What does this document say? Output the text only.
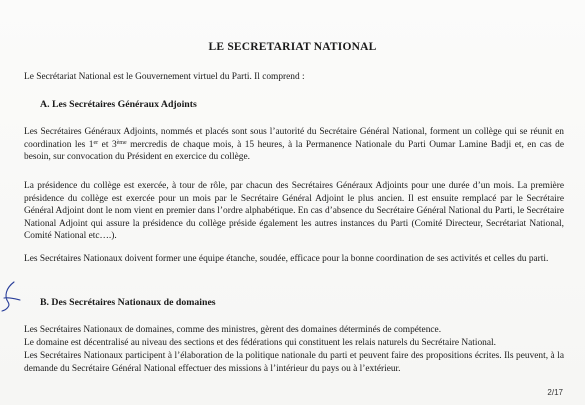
LE SECRETARIAT NATIONAL

Le Secrétariat National est le Gouvernement virtuel du Parti. Il comprend :

A. Les Secrétaires Généraux Adjoints

Les Secrétaires Généraux Adjoints, nommés et placés sont sous l’autorité du Secrétaire Général National, forment un collège qui se réunit en coordination les 1er et 3ème mercredis de chaque mois, à 15 heures, à la Permanence Nationale du Parti Oumar Lamine Badji et, en cas de besoin, sur convocation du Président en exercice du collège.

La présidence du collège est exercée, à tour de rôle, par chacun des Secrétaires Généraux Adjoints pour une durée d’un mois. La première présidence du collège est exercée pour un mois par le Secrétaire Général Adjoint le plus ancien. Il est ensuite remplacé par le Secrétaire Général Adjoint dont le nom vient en premier dans l’ordre alphabétique. En cas d’absence du Secrétaire Général National du Parti, le Secrétaire National Adjoint qui assure la présidence du collège préside également les autres instances du Parti (Comité Directeur, Secrétariat National, Comité National etc….).

Les Secrétaires Nationaux doivent former une équipe étanche, soudée, efficace pour la bonne coordination de ses activités et celles du parti.

B. Des Secrétaires Nationaux de domaines

Les Secrétaires Nationaux de domaines, comme des ministres, gèrent des domaines déterminés de compétence.

Le domaine est décentralisé au niveau des sections et des fédérations qui constituent les relais naturels du Secrétaire National.

Les Secrétaires Nationaux participent à l’élaboration de la politique nationale du parti et peuvent faire des propositions écrites. Ils peuvent, à la demande du Secrétaire Général National effectuer des missions à l’intérieur du pays ou à l’extérieur.

2/17
